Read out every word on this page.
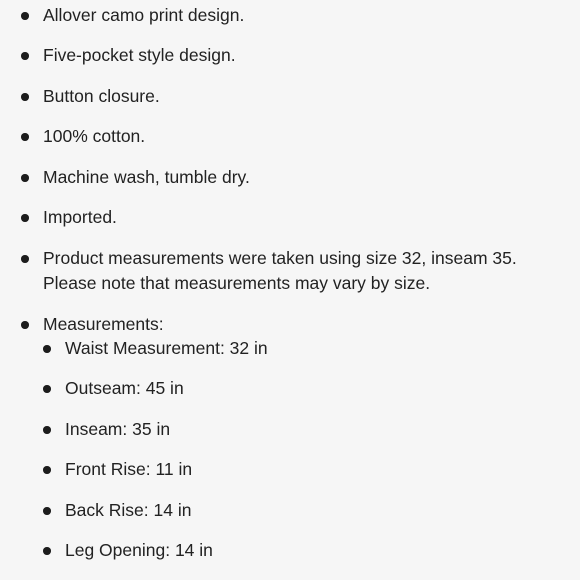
Allover camo print design.
Five-pocket style design.
Button closure.
100% cotton.
Machine wash, tumble dry.
Imported.
Product measurements were taken using size 32, inseam 35. Please note that measurements may vary by size.
Measurements:
Waist Measurement: 32 in
Outseam: 45 in
Inseam: 35 in
Front Rise: 11 in
Back Rise: 14 in
Leg Opening: 14 in
